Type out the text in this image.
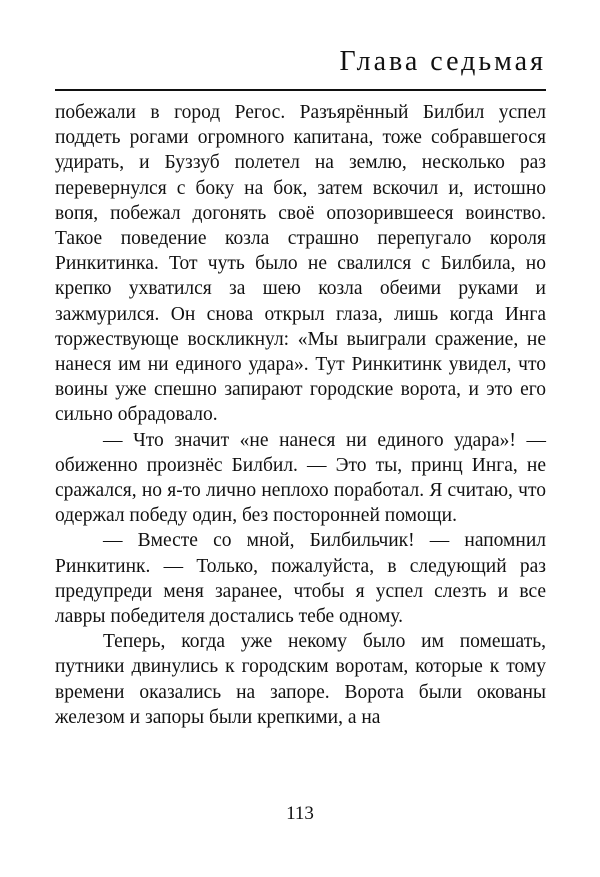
Глава седьмая

побежали в город Регос. Разъярённый Билбил успел поддеть рогами огромного капитана, тоже собравшегося удирать, и Буззуб полетел на землю, несколько раз перевернулся с боку на бок, затем вскочил и, истошно вопя, побежал догонять своё опозорившееся воинство. Такое поведение козла страшно перепугало короля Ринкитинка. Тот чуть было не свалился с Билбила, но крепко ухватился за шею козла обеими руками и зажмурился. Он снова открыл глаза, лишь когда Инга торжествующе воскликнул: «Мы выиграли сражение, не нанеся им ни единого удара». Тут Ринкитинк увидел, что воины уже спешно запирают городские ворота, и это его сильно обрадовало.

— Что значит «не нанеся ни единого удара»! — обиженно произнёс Билбил. — Это ты, принц Инга, не сражался, но я-то лично неплохо поработал. Я считаю, что одержал победу один, без посторонней помощи.

— Вместе со мной, Билбильчик! — напомнил Ринкитинк. — Только, пожалуйста, в следующий раз предупреди меня заранее, чтобы я успел слезть и все лавры победителя достались тебе одному.

Теперь, когда уже некому было им помешать, путники двинулись к городским воротам, которые к тому времени оказались на запоре. Ворота были окованы железом и запоры были крепкими, а на

113
